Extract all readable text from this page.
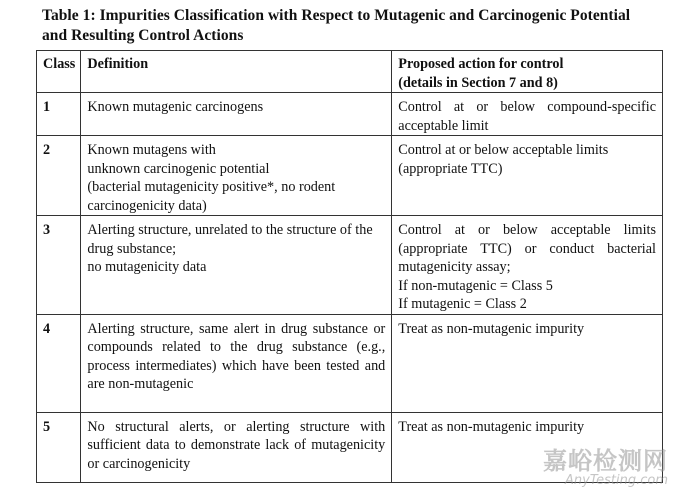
Table 1: Impurities Classification with Respect to Mutagenic and Carcinogenic Potential
and Resulting Control Actions
Class	Definition	Proposed action for control
(details in Section 7 and 8)

1	Known mutagenic carcinogens	Control at or below compound-specific acceptable limit

2	Known mutagens with
unknown carcinogenic potential
(bacterial mutagenicity positive*, no rodent carcinogenicity data)	Control at or below acceptable limits (appropriate TTC)

3	Alerting structure, unrelated to the structure of the drug substance;
no mutagenicity data	Control at or below acceptable limits (appropriate TTC) or conduct bacterial mutagenicity assay;
If non-mutagenic = Class 5
If mutagenic = Class 2

4	Alerting structure, same alert in drug substance or compounds related to the drug substance (e.g., process intermediates) which have been tested and are non-mutagenic	Treat as non-mutagenic impurity

5	No structural alerts, or alerting structure with sufficient data to demonstrate lack of mutagenicity or carcinogenicity	Treat as non-mutagenic impurity
嘉峪检测网
AnyTesting.com
